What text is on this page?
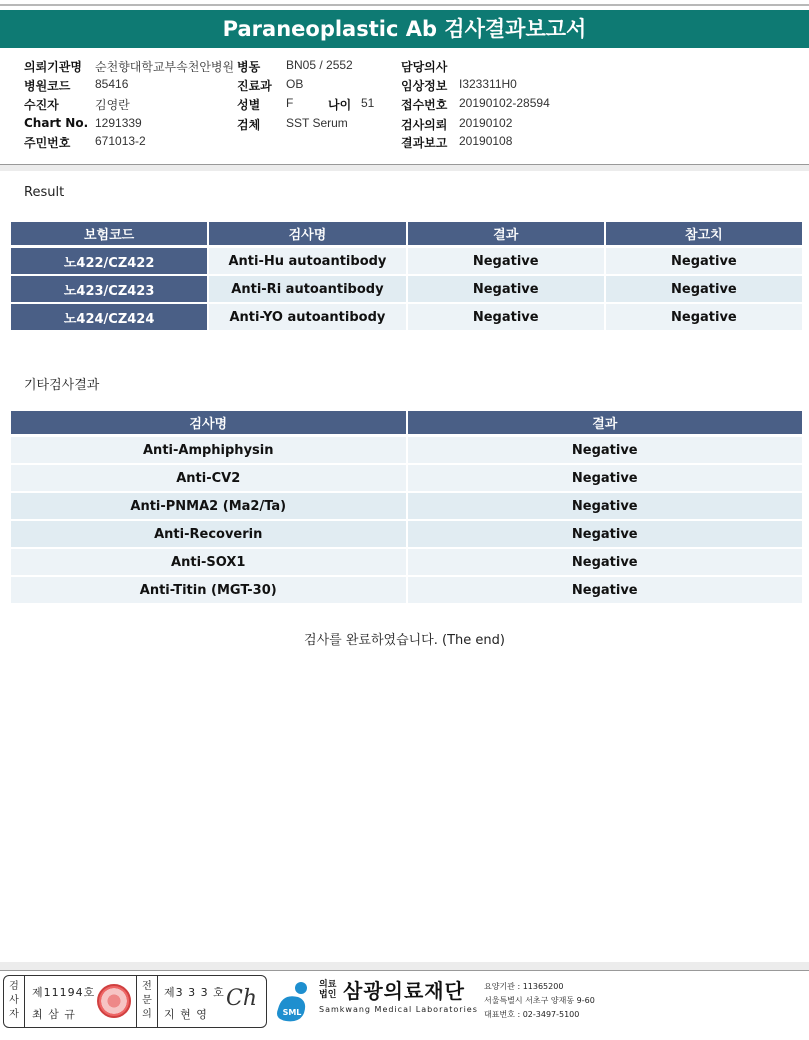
Paraneoplastic Ab 검사결과보고서
의뢰기관명 순천향대학교부속천안병원 병동 BN05 / 2552	담당의사
병원코드 85416	진료과 OB	임상정보 I323311H0
수진자	김영란	성별 F	나이 51 접수번호 20190102-28594
Chart No. 1291339	검체 SST Serum	검사의뢰 20190102
주민번호 671013-2	결과보고 20190108
Result
보험코드	검사명	결과	참고치
노422/CZ422	Anti-Hu autoantibody	Negative	Negative
노423/CZ423	Anti-Ri autoantibody	Negative	Negative
노424/CZ424	Anti-YO autoantibody	Negative	Negative
기타검사결과
검사명	결과
Anti-Amphiphysin	Negative
Anti-CV2	Negative
Anti-PNMA2 (Ma2/Ta)	Negative
Anti-Recoverin	Negative
Anti-SOX1	Negative
Anti-Titin (MGT-30)	Negative
검사를 완료하였습니다. (The end)
검사자
제11194호
최 삼 규
전문의
제3 3 3 호
지 현 영
Ch
SML
의료법인 삼광의료재단
Samkwang Medical Laboratories
요양기관 : 11365200
서울특별시 서초구 양재동 9-60
대표번호 : 02-3497-5100
